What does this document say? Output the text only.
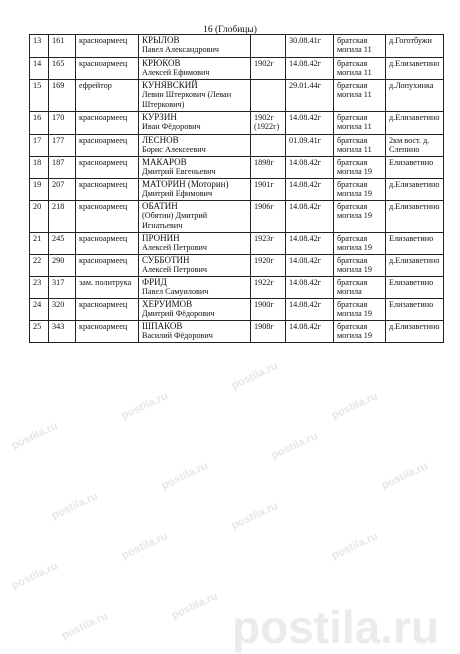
16 (Глобицы)
13	161	красноармеец	КРЫЛОВ
Павел Александрович		30.08.41г	братская могила 11	д.Гоготбужи
14	165	красноармеец	КРЮКОВ
Алексей Ефимович	1902г	14.08.42г	братская могила 11	д.Елизаветино
15	169	ефрейтор	КУНЯВСКИЙ
Левин Штеркович (Леван Штеркович)		29.01.44г	братская могила 11	д.Лопухинка
16	170	красноармеец	КУРЗИН
Иван Фёдорович	1902г (1922г)	14.08.42г	братская могила 11	д.Елизаветино
17	177	красноармеец	ЛЕСНОВ
Борис Алексеевич		01.09.41г	братская могила 11	2км вост. д. Слепино
18	187	красноармеец	МАКАРОВ
Дмитрий Евгеньевич	1898г	14.08.42г	братская могила 19	Елизаветино
19	207	красноармеец	МАТОРИН (Моторин)
Дмитрий Ефимович	1901г	14.08.42г	братская могила 19	д.Елизаветино
20	218	красноармеец	ОБАТИН
(Обятин) Дмитрий Игнатьевич	1906г	14.08.42г	братская могила 19	д.Елизаветино
21	245	красноармеец	ПРОНИН
Алексей Петрович	1923г	14.08.42г	братская могила 19	Елизаветино
22	290	красноармеец	СУББОТИН
Алексей Петрович	1920г	14.08.42г	братская могила 19	д.Елизаветино
23	317	зам. политрука	ФРИД
Павел Самуилович	1922г	14.08.42г	братская могила	Елизаветино
24	320	красноармеец	ХЕРУИМОВ
Дмитрий Фёдорович	1900г	14.08.42г	братская могила 19	Елизаветино
25	343	красноармеец	ШПАКОВ
Василий Фёдорович	1908г	14.08.42г	братская могила 19	д.Елизаветино
postila.ru
postila.ru
postila.ru
postila.ru
postila.ru
postila.ru
postila.ru
postila.ru
postila.ru
postila.ru
postila.ru
postila.ru
postila.ru
postila.ru postila.ru
